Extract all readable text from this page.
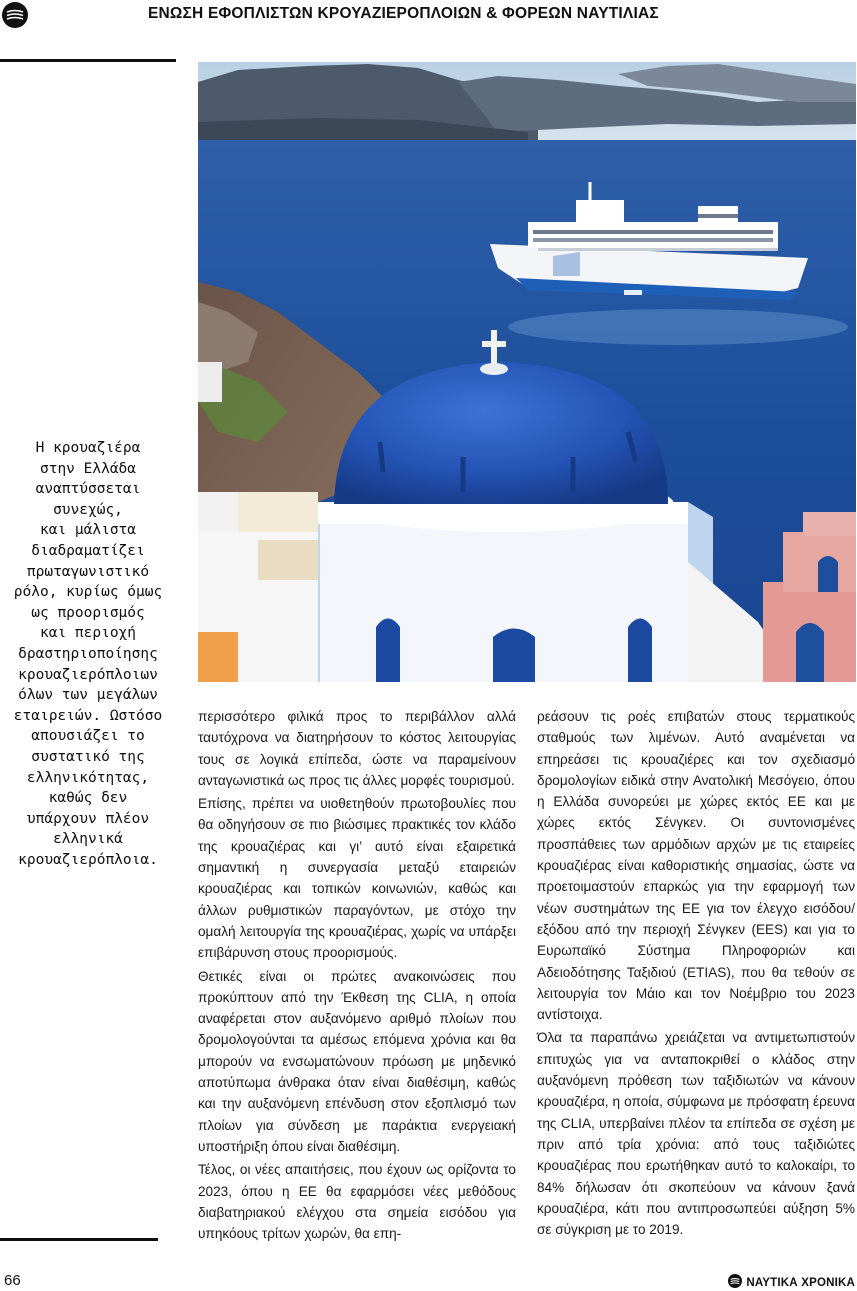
ΕΝΩΣΗ ΕΦΟΠΛΙΣΤΩΝ ΚΡΟΥΑΖΙΕΡΟΠΛΟΙΩΝ & ΦΟΡΕΩΝ ΝΑΥΤΙΛΙΑΣ
Η κρουαζιέρα
στην Ελλάδα
αναπτύσσεται
συνεχώς,
και μάλιστα
διαδραματίζει
πρωταγωνιστικό
ρόλο, κυρίως όμως
ως προορισμός
και περιοχή
δραστηριοποίησης
κρουαζιερόπλοιων
όλων των μεγάλων
εταιρειών. Ωστόσο
απουσιάζει το
συστατικό της
ελληνικότητας,
καθώς δεν
υπάρχουν πλέον
ελληνικά
κρουαζιερόπλοια.

περισσότερο φιλικά προς το περιβάλλον αλλά ταυτόχρονα να διατηρήσουν το κόστος λειτουργίας τους σε λογικά επίπεδα, ώστε να παραμείνουν ανταγωνιστικά ως προς τις άλλες μορφές τουρισμού.

Επίσης, πρέπει να υιοθετηθούν πρωτοβουλίες που θα οδηγήσουν σε πιο βιώσιμες πρακτικές τον κλάδο της κρουαζιέρας και γι’ αυτό είναι εξαιρετικά σημαντική η συνεργασία μεταξύ εταιρειών κρουαζιέρας και τοπικών κοινωνιών, καθώς και άλλων ρυθμιστικών παραγόντων, με στόχο την ομαλή λειτουργία της κρουαζιέρας, χωρίς να υπάρξει επιβάρυνση στους προορισμούς.

Θετικές είναι οι πρώτες ανακοινώσεις που προκύπτουν από την Έκθεση της CLIA, η οποία αναφέρεται στον αυξανόμενο αριθμό πλοίων που δρομολογούνται τα αμέσως επόμενα χρόνια και θα μπορούν να ενσωματώνουν πρόωση με μηδενικό αποτύπωμα άνθρακα όταν είναι διαθέσιμη, καθώς και την αυξανόμενη επένδυση στον εξοπλισμό των πλοίων για σύνδεση με παράκτια ενεργειακή υποστήριξη όπου είναι διαθέσιμη.

Τέλος, οι νέες απαιτήσεις, που έχουν ως ορίζοντα το 2023, όπου η ΕΕ θα εφαρμόσει νέες μεθόδους διαβατηριακού ελέγχου στα σημεία εισόδου για υπηκόους τρίτων χωρών, θα επη-

ρεάσουν τις ροές επιβατών στους τερματικούς σταθμούς των λιμένων. Αυτό αναμένεται να επηρεάσει τις κρουαζιέρες και τον σχεδιασμό δρομολογίων ειδικά στην Ανατολική Μεσόγειο, όπου η Ελλάδα συνορεύει με χώρες εκτός ΕΕ και με χώρες εκτός Σένγκεν. Οι συντονισμένες προσπάθειες των αρμόδιων αρχών με τις εταιρείες κρουαζιέρας είναι καθοριστικής σημασίας, ώστε να προετοιμαστούν επαρκώς για την εφαρμογή των νέων συστημάτων της ΕΕ για τον έλεγχο εισόδου/εξόδου από την περιοχή Σένγκεν (EES) και για το Ευρωπαϊκό Σύστημα Πληροφοριών και Αδειοδότησης Ταξιδιού (ETIAS), που θα τεθούν σε λειτουργία τον Μάιο και τον Νοέμβριο του 2023 αντίστοιχα.

Όλα τα παραπάνω χρειάζεται να αντιμετωπιστούν επιτυχώς για να ανταποκριθεί ο κλάδος στην αυξανόμενη πρόθεση των ταξιδιωτών να κάνουν κρουαζιέρα, η οποία, σύμφωνα με πρόσφατη έρευνα της CLIA, υπερβαίνει πλέον τα επίπεδα σε σχέση με πριν από τρία χρόνια: από τους ταξιδιώτες κρουαζιέρας που ερωτήθηκαν αυτό το καλοκαίρι, το 84% δήλωσαν ότι σκοπεύουν να κάνουν ξανά κρουαζιέρα, κάτι που αντιπροσωπεύει αύξηση 5% σε σύγκριση με το 2019.

66	ΝΑΥΤΙΚΑ ΧΡΟΝΙΚΑ
